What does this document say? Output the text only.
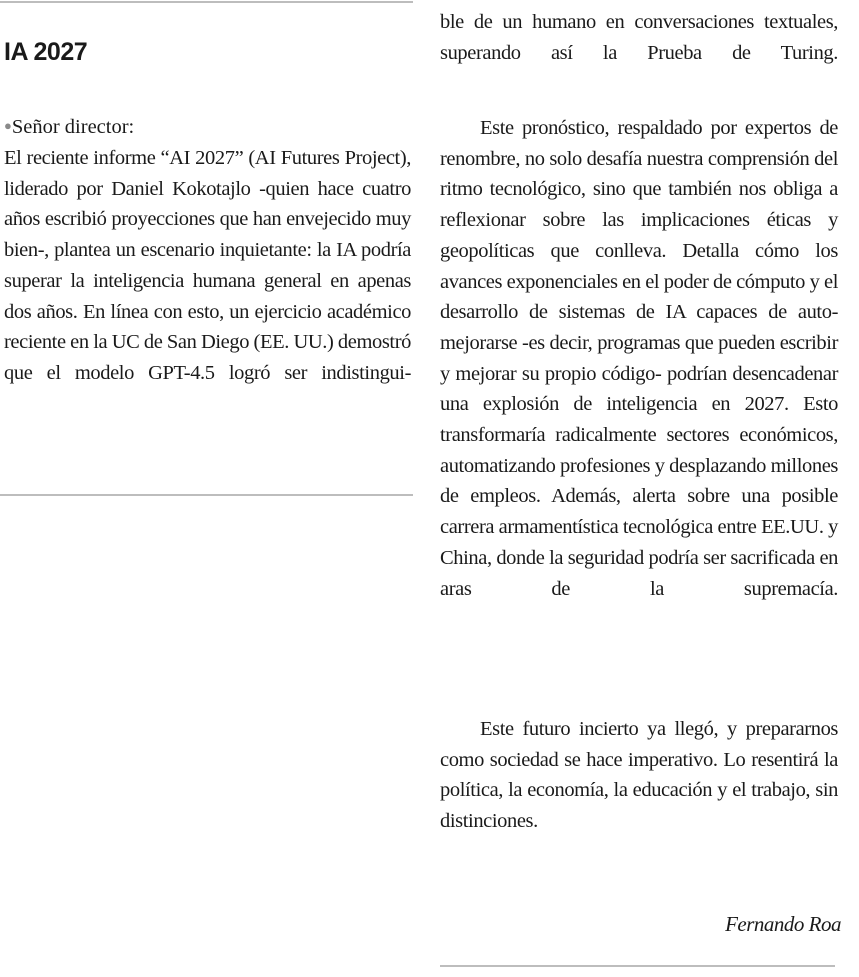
IA 2027
●Señor director:

El reciente informe “AI 2027” (AI Futures Project), liderado por Daniel Kokotajlo -quien hace cuatro años escribió proyecciones que han envejecido muy bien-, plantea un escenario inquietante: la IA podría superar la inteligencia humana general en apenas dos años. En línea con esto, un ejercicio académico reciente en la UC de San Diego (EE. UU.) demostró que el modelo GPT-4.5 logró ser indistingui-

ble de un humano en conversaciones textuales, superando así la Prueba de Turing.

Este pronóstico, respaldado por expertos de renombre, no solo desafía nuestra comprensión del ritmo tecnológico, sino que también nos obliga a reflexionar sobre las implicaciones éticas y geopolíticas que conlleva. Detalla cómo los avances exponenciales en el poder de cómputo y el desarrollo de sistemas de IA capaces de auto-mejorarse -es decir, programas que pueden escribir y mejorar su propio código- podrían desencadenar una explosión de inteligencia en 2027. Esto transformaría radicalmente sectores económicos, automatizando profesiones y desplazando millones de empleos. Además, alerta sobre una posible carrera armamentística tecnológica entre EE.UU. y China, donde la seguridad podría ser sacrificada en aras de la supremacía.

Este futuro incierto ya llegó, y prepararnos como sociedad se hace imperativo. Lo resentirá la política, la economía, la educación y el trabajo, sin distinciones.

Fernando Roa
